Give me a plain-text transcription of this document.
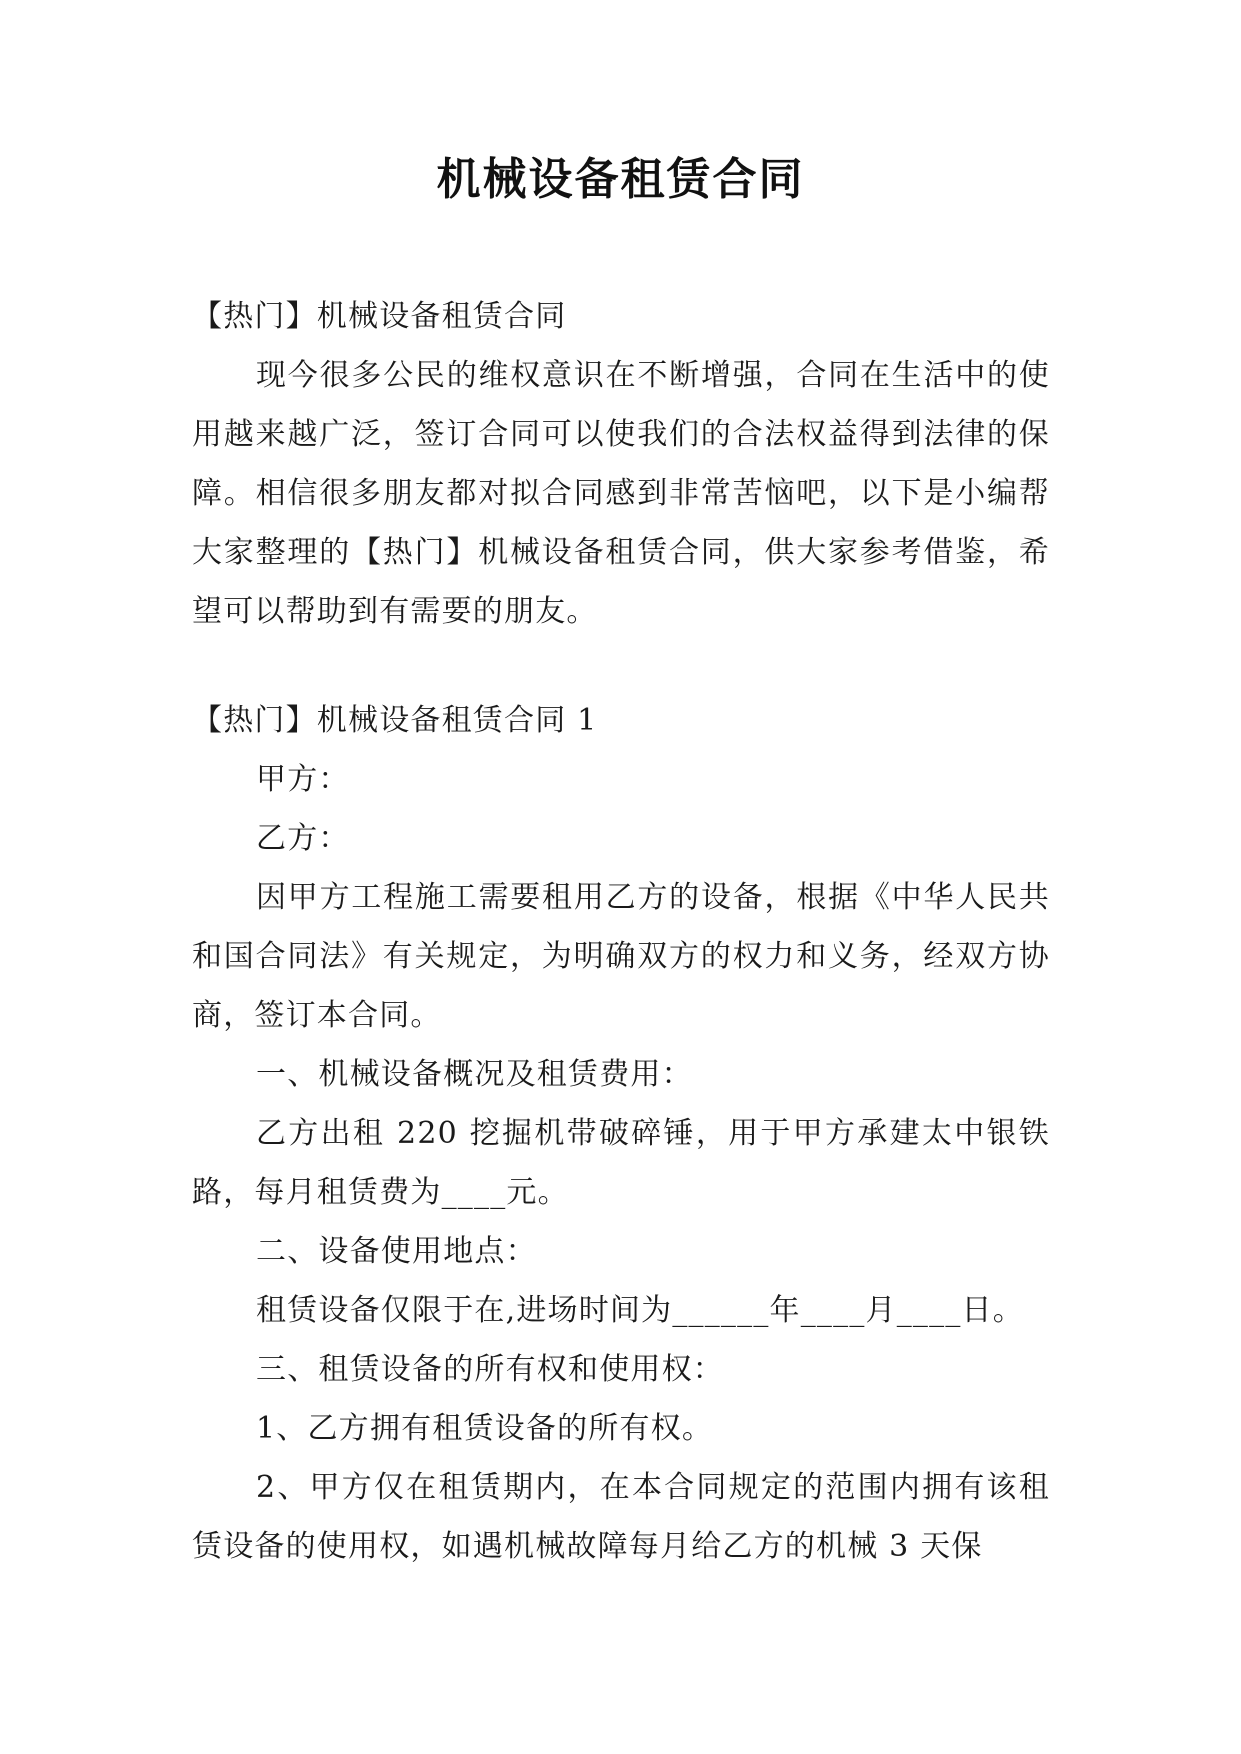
机械设备租赁合同

【热门】机械设备租赁合同

现今很多公民的维权意识在不断增强，合同在生活中的使用越来越广泛，签订合同可以使我们的合法权益得到法律的保障。相信很多朋友都对拟合同感到非常苦恼吧，以下是小编帮大家整理的【热门】机械设备租赁合同，供大家参考借鉴，希望可以帮助到有需要的朋友。

【热门】机械设备租赁合同 1

甲方：

乙方：

因甲方工程施工需要租用乙方的设备，根据《中华人民共和国合同法》有关规定，为明确双方的权力和义务，经双方协商，签订本合同。

一、机械设备概况及租赁费用：

乙方出租 220 挖掘机带破碎锤，用于甲方承建太中银铁路，每月租赁费为____元。

二、设备使用地点：

租赁设备仅限于在,进场时间为______年____月____日。

三、租赁设备的所有权和使用权：

1、乙方拥有租赁设备的所有权。

2、甲方仅在租赁期内，在本合同规定的范围内拥有该租赁设备的使用权，如遇机械故障每月给乙方的机械 3 天保
